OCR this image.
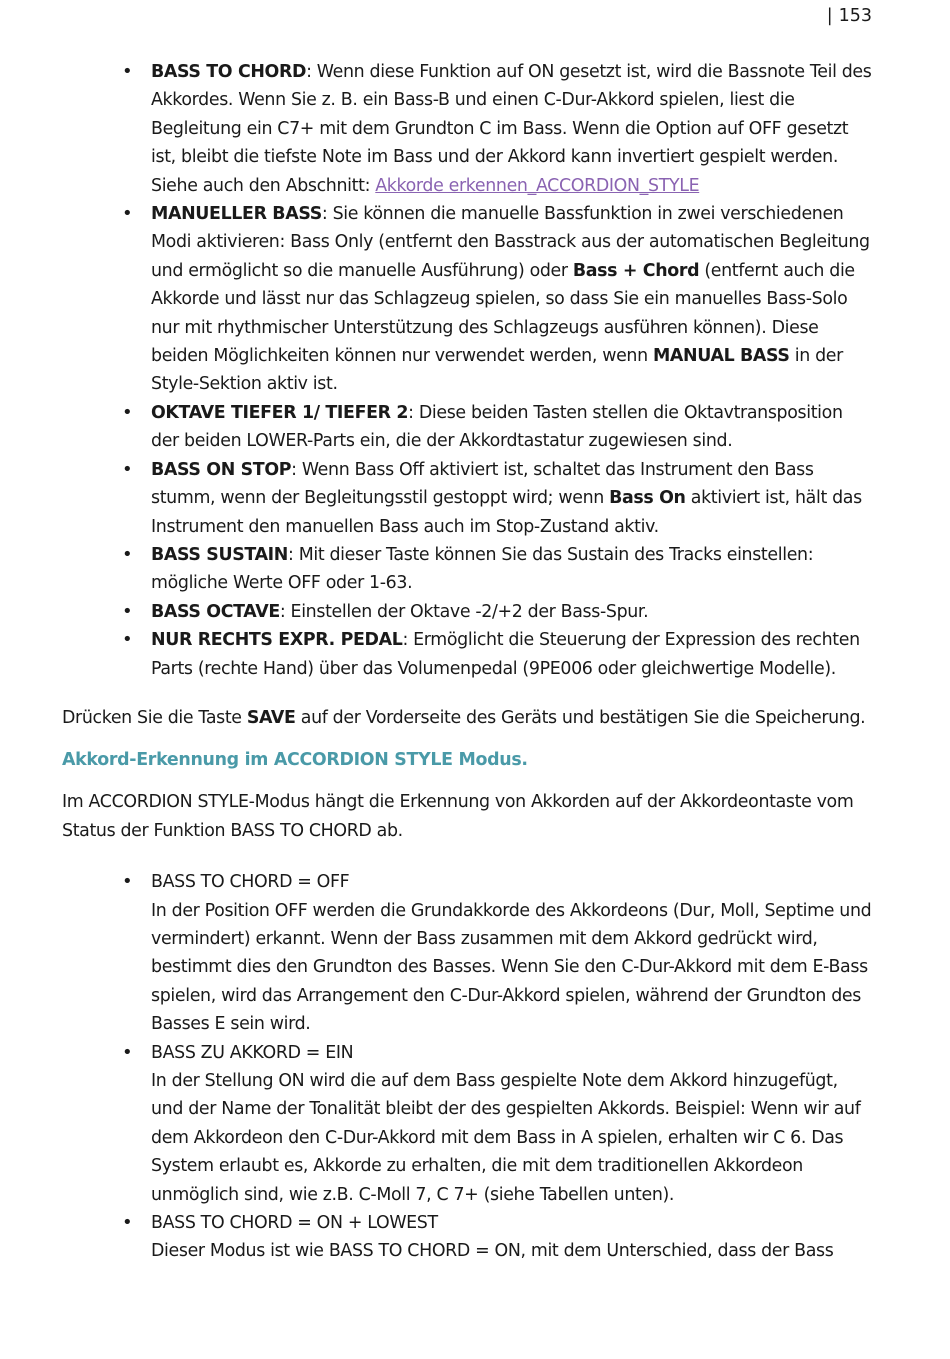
| 153
• BASS TO CHORD: Wenn diese Funktion auf ON gesetzt ist, wird die Bassnote Teil des Akkordes. Wenn Sie z. B. ein Bass-B und einen C-Dur-Akkord spielen, liest die Begleitung ein C7+ mit dem Grundton C im Bass. Wenn die Option auf OFF gesetzt ist, bleibt die tiefste Note im Bass und der Akkord kann invertiert gespielt werden. Siehe auch den Abschnitt: Akkorde erkennen_ACCORDION_STYLE
• MANUELLER BASS: Sie können die manuelle Bassfunktion in zwei verschiedenen Modi aktivieren: Bass Only (entfernt den Basstrack aus der automatischen Begleitung und ermöglicht so die manuelle Ausführung) oder Bass + Chord (entfernt auch die Akkorde und lässt nur das Schlagzeug spielen, so dass Sie ein manuelles Bass-Solo nur mit rhythmischer Unterstützung des Schlagzeugs ausführen können). Diese beiden Möglichkeiten können nur verwendet werden, wenn MANUAL BASS in der Style-Sektion aktiv ist.
• OKTAVE TIEFER 1/ TIEFER 2: Diese beiden Tasten stellen die Oktavtransposition der beiden LOWER-Parts ein, die der Akkordtastatur zugewiesen sind.
• BASS ON STOP: Wenn Bass Off aktiviert ist, schaltet das Instrument den Bass stumm, wenn der Begleitungsstil gestoppt wird; wenn Bass On aktiviert ist, hält das Instrument den manuellen Bass auch im Stop-Zustand aktiv.
• BASS SUSTAIN: Mit dieser Taste können Sie das Sustain des Tracks einstellen: mögliche Werte OFF oder 1-63.
• BASS OCTAVE: Einstellen der Oktave -2/+2 der Bass-Spur.
• NUR RECHTS EXPR. PEDAL: Ermöglicht die Steuerung der Expression des rechten Parts (rechte Hand) über das Volumenpedal (9PE006 oder gleichwertige Modelle).

Drücken Sie die Taste SAVE auf der Vorderseite des Geräts und bestätigen Sie die Speicherung.

Akkord-Erkennung im ACCORDION STYLE Modus.

Im ACCORDION STYLE-Modus hängt die Erkennung von Akkorden auf der Akkordeontaste vom Status der Funktion BASS TO CHORD ab.

• BASS TO CHORD = OFF
In der Position OFF werden die Grundakkorde des Akkordeons (Dur, Moll, Septime und vermindert) erkannt. Wenn der Bass zusammen mit dem Akkord gedrückt wird, bestimmt dies den Grundton des Basses. Wenn Sie den C-Dur-Akkord mit dem E-Bass spielen, wird das Arrangement den C-Dur-Akkord spielen, während der Grundton des Basses E sein wird.
• BASS ZU AKKORD = EIN
In der Stellung ON wird die auf dem Bass gespielte Note dem Akkord hinzugefügt, und der Name der Tonalität bleibt der des gespielten Akkords. Beispiel: Wenn wir auf dem Akkordeon den C-Dur-Akkord mit dem Bass in A spielen, erhalten wir C 6. Das System erlaubt es, Akkorde zu erhalten, die mit dem traditionellen Akkordeon unmöglich sind, wie z.B. C-Moll 7, C 7+ (siehe Tabellen unten).
• BASS TO CHORD = ON + LOWEST
Dieser Modus ist wie BASS TO CHORD = ON, mit dem Unterschied, dass der Bass
